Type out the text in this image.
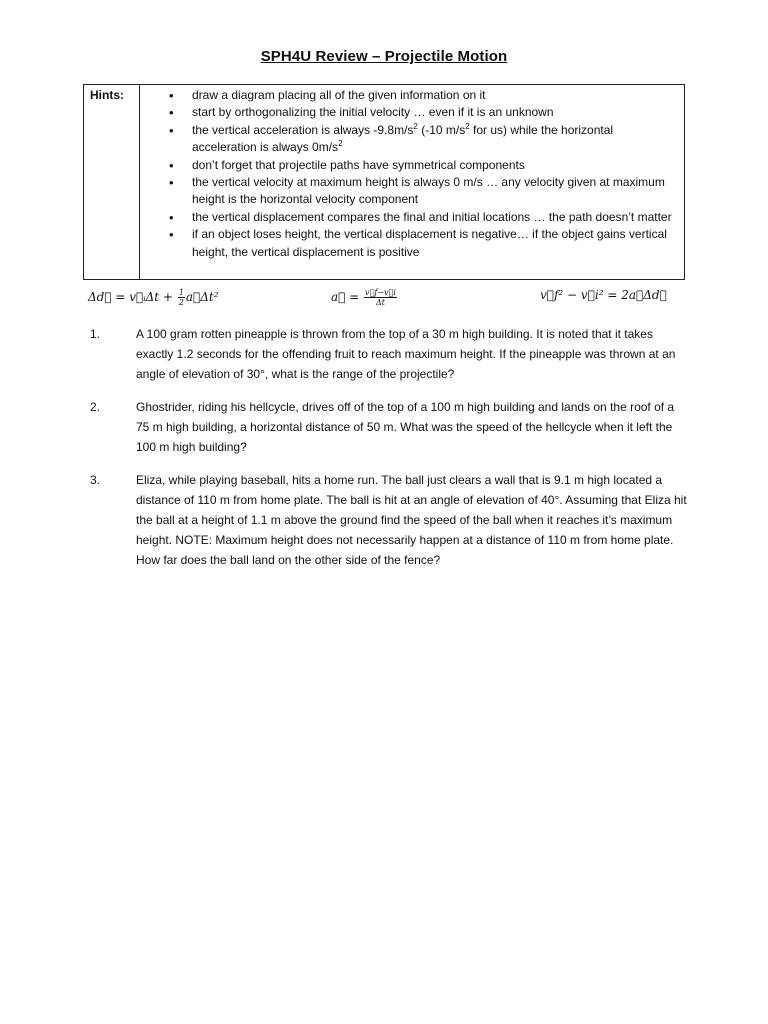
SPH4U Review – Projectile Motion
Hints:
•	draw a diagram placing all of the given information on it
• start by orthogonalizing the initial velocity … even if it is an unknown
• the vertical acceleration is always $-9.8m/s^2$ (-10 $m/s^2$ for us) while the horizontal acceleration is always $0m/s^2$
• don’t forget that projectile paths have symmetrical components
• the vertical velocity at maximum height is always 0 m/s … any velocity given at maximum height is the horizontal velocity component
• the vertical displacement compares the final and initial locations … the path doesn’t matter
• if an object loses height, the vertical displacement is negative… if the object gains vertical height, the vertical displacement is positive
Δd⃗ = v⃗ᵢΔt + $\frac{1}{2}$ a⃗Δt²	a⃗ = $\frac{v⃗f-v⃗i}{\Delta t}$	v⃗f² − v⃗i² = 2a⃗Δd⃗
1.	A 100 gram rotten pineapple is thrown from the top of a 30 m high building. It is noted that it takes exactly 1.2 seconds for the offending fruit to reach maximum height. If the pineapple was thrown at an angle of elevation of 30°, what is the range of the projectile?
2.	Ghostrider, riding his hellcycle, drives off of the top of a 100 m high building and lands on the roof of a 75 m high building, a horizontal distance of 50 m. What was the speed of the hellcycle when it left the 100 m high building?
3.	Eliza, while playing baseball, hits a home run. The ball just clears a wall that is 9.1 m high located a distance of 110 m from home plate. The ball is hit at an angle of elevation of 40°. Assuming that Eliza hit the ball at a height of 1.1 m above the ground find the speed of the ball when it reaches it’s maximum height. NOTE: Maximum height does not necessarily happen at a distance of 110 m from home plate. How far does the ball land on the other side of the fence?
